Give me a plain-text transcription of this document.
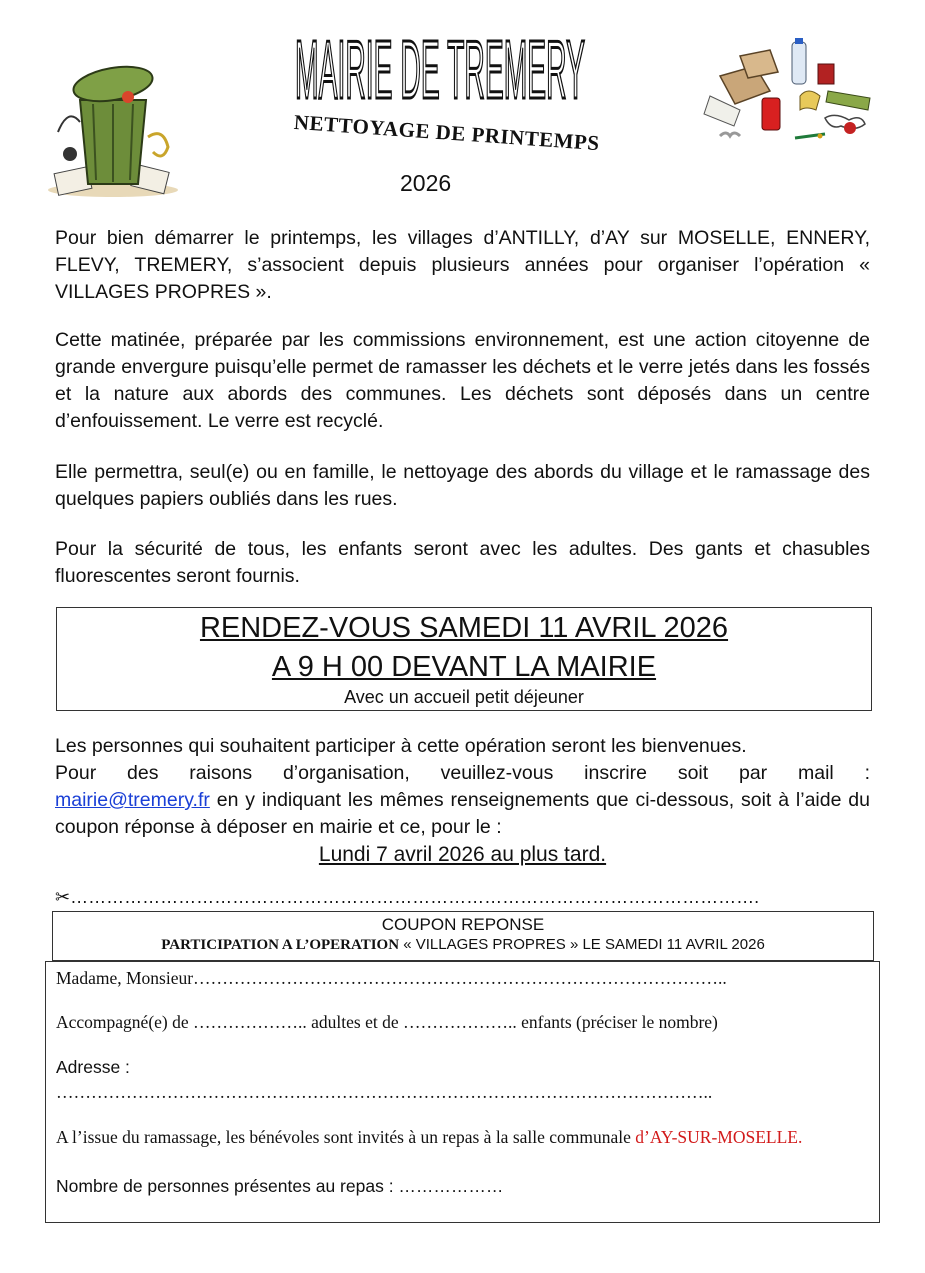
MAIRIE DE TREMERY
NETTOYAGE DE PRINTEMPS
2026

Pour bien démarrer le printemps, les villages d’ANTILLY, d’AY sur MOSELLE, ENNERY, FLEVY, TREMERY, s’associent depuis plusieurs années pour organiser l’opération « VILLAGES PROPRES ».

Cette matinée, préparée par les commissions environnement, est une action citoyenne de grande envergure puisqu’elle permet de ramasser les déchets et le verre jetés dans les fossés et la nature aux abords des communes. Les déchets sont déposés dans un centre d’enfouissement. Le verre est recyclé.

Elle permettra, seul(e) ou en famille, le nettoyage des abords du village et le ramassage des quelques papiers oubliés dans les rues.

Pour la sécurité de tous, les enfants seront avec les adultes. Des gants et chasubles fluorescentes seront fournis.

RENDEZ-VOUS SAMEDI 11 AVRIL 2026
A 9 H 00 DEVANT LA MAIRIE
Avec un accueil petit déjeuner

Les personnes qui souhaitent participer à cette opération seront les bienvenues.

Pour des raisons d’organisation, veuillez-vous inscrire soit par mail :

mairie@tremery.fr en y indiquant les mêmes renseignements que ci-dessous, soit à l’aide du coupon réponse à déposer en mairie et ce, pour le :

Lundi 7 avril 2026 au plus tard.
✂…………………………………………………………………………………………………….
COUPON REPONSE
PARTICIPATION A L’OPERATION « VILLAGES PROPRES » LE SAMEDI 11 AVRIL 2026
Madame, Monsieur………………………………………………………………………………..
Accompagné(e) de ……………….. adultes et de ……………….. enfants (préciser le nombre)
Adresse :
…………………………………………………………………………………………………..
A l’issue du ramassage, les bénévoles sont invités à un repas à la salle communale d’AY-SUR-MOSELLE.
Nombre de personnes présentes au repas : ………………
